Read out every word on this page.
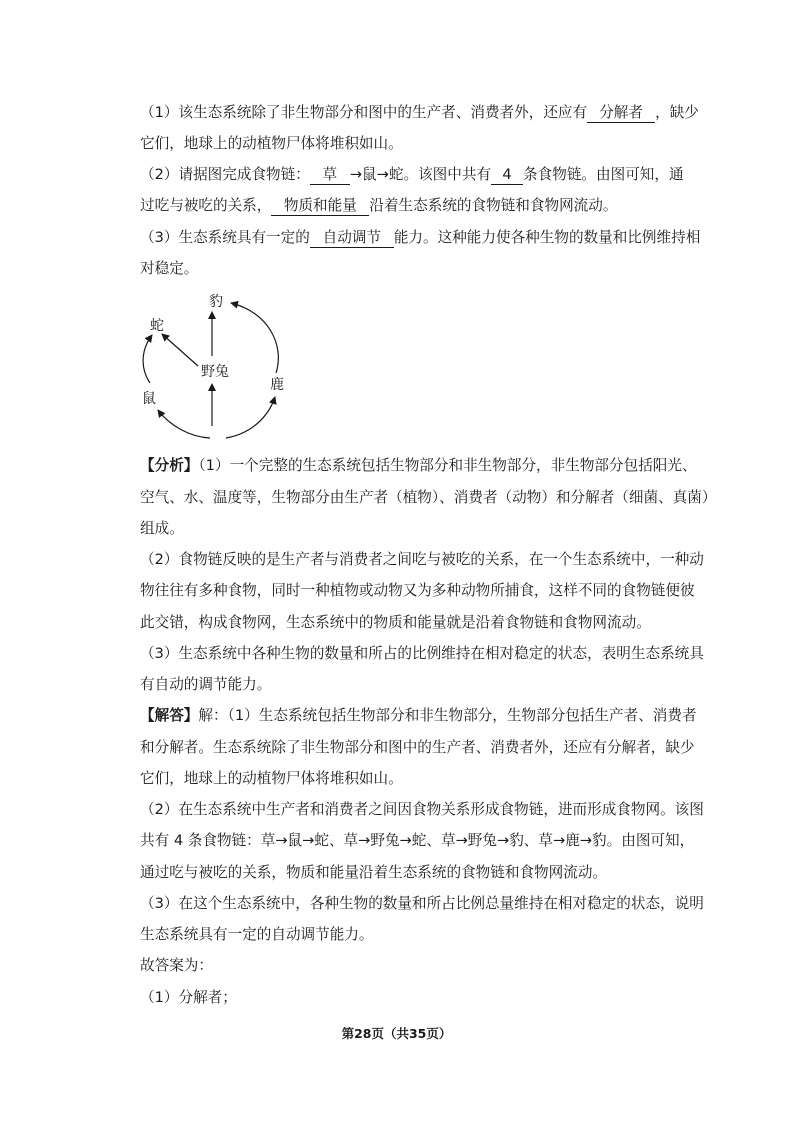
（1）该生态系统除了非生物部分和图中的生产者、消费者外，还应有 分解者 ，缺少
它们，地球上的动植物尸体将堆积如山。
（2）请据图完成食物链： 草 →鼠→蛇。该图中共有 4 条食物链。由图可知，通
过吃与被吃的关系， 物质和能量 沿着生态系统的食物链和食物网流动。
（3）生态系统具有一定的 自动调节 能力。这种能力使各种生物的数量和比例维持相
对稳定。
豹
蛇
野兔
鹿
鼠
【分析】（1）一个完整的生态系统包括生物部分和非生物部分，非生物部分包括阳光、
空气、水、温度等，生物部分由生产者（植物）、消费者（动物）和分解者（细菌、真菌）
组成。
（2）食物链反映的是生产者与消费者之间吃与被吃的关系，在一个生态系统中，一种动
物往往有多种食物，同时一种植物或动物又为多种动物所捕食，这样不同的食物链便彼
此交错，构成食物网，生态系统中的物质和能量就是沿着食物链和食物网流动。
（3）生态系统中各种生物的数量和所占的比例维持在相对稳定的状态，表明生态系统具
有自动的调节能力。
【解答】解：（1）生态系统包括生物部分和非生物部分，生物部分包括生产者、消费者
和分解者。生态系统除了非生物部分和图中的生产者、消费者外，还应有分解者，缺少
它们，地球上的动植物尸体将堆积如山。
（2）在生态系统中生产者和消费者之间因食物关系形成食物链，进而形成食物网。该图
共有 4 条食物链：草→鼠→蛇、草→野兔→蛇、草→野兔→豹、草→鹿→豹。由图可知，
通过吃与被吃的关系，物质和能量沿着生态系统的食物链和食物网流动。
（3）在这个生态系统中，各种生物的数量和所占比例总量维持在相对稳定的状态，说明
生态系统具有一定的自动调节能力。
故答案为：
（1）分解者；
第28页（共35页）
